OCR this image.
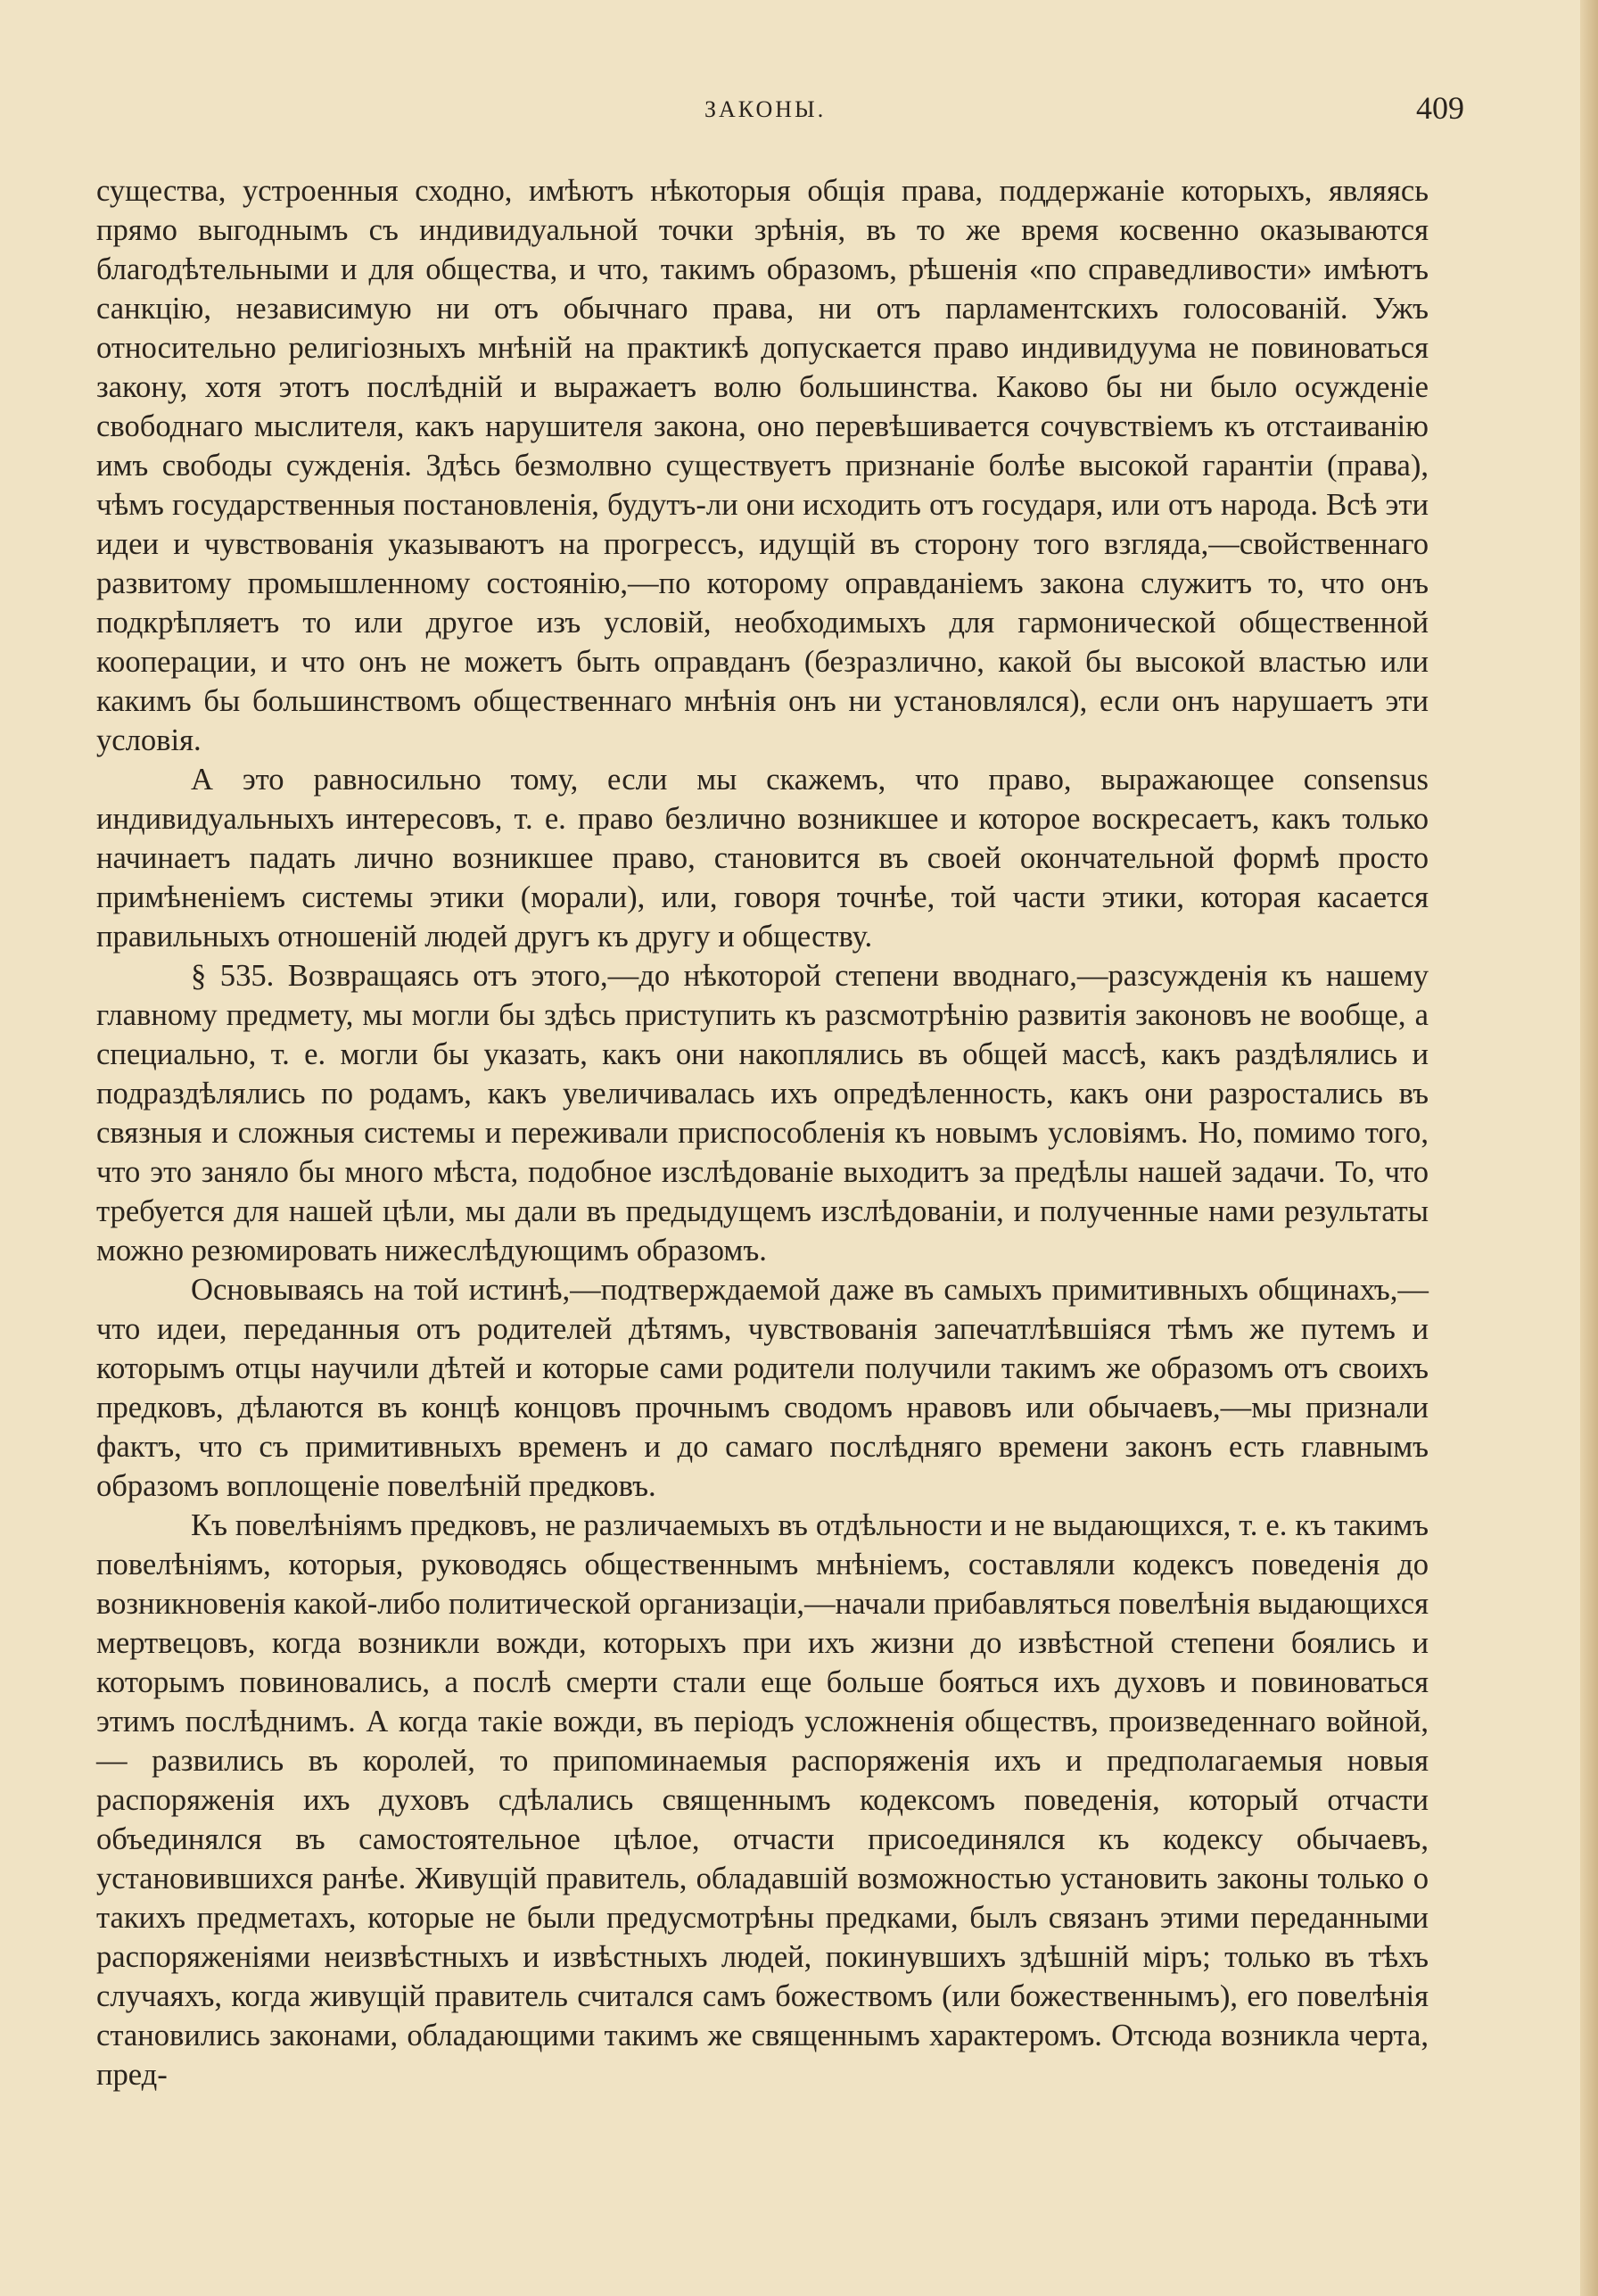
ЗАКОНЫ.	409

существа, устроенныя сходно, имѣютъ нѣкоторыя общія права, поддержаніе которыхъ, являясь прямо выгоднымъ съ индивидуальной точки зрѣнія, въ то же время косвенно оказываются благодѣтельными и для общества, и что, такимъ образомъ, рѣшенія «по справедливости» имѣютъ санкцію, независимую ни отъ обычнаго права, ни отъ парламентскихъ голосованій. Ужъ относительно религіозныхъ мнѣній на практикѣ допускается право индивидуума не повиноваться закону, хотя этотъ послѣдній и выражаетъ волю большинства. Каково бы ни было осужденіе свободнаго мыслителя, какъ нарушителя закона, оно перевѣшивается сочувствіемъ къ отстаиванію имъ свободы сужденія. Здѣсь безмолвно существуетъ признаніе болѣе высокой гарантіи (права), чѣмъ государственныя постановленія, будутъ-ли они исходить отъ государя, или отъ народа. Всѣ эти идеи и чувствованія указываютъ на прогрессъ, идущій въ сторону того взгляда,—свойственнаго развитому промышленному состоянію,—по которому оправданіемъ закона служитъ то, что онъ подкрѣпляетъ то или другое изъ условій, необходимыхъ для гармонической общественной кооперации, и что онъ не можетъ быть оправданъ (безразлично, какой бы высокой властью или какимъ бы большинствомъ общественнаго мнѣнія онъ ни установлялся), если онъ нарушаетъ эти условія.

А это равносильно тому, если мы скажемъ, что право, выражающее consensus индивидуальныхъ интересовъ, т. е. право безлично возникшее и которое воскресаетъ, какъ только начинаетъ падать лично возникшее право, становится въ своей окончательной формѣ просто примѣненіемъ системы этики (морали), или, говоря точнѣе, той части этики, которая касается правильныхъ отношеній людей другъ къ другу и обществу.

§ 535. Возвращаясь отъ этого,—до нѣкоторой степени вводнаго,—разсужденія къ нашему главному предмету, мы могли бы здѣсь приступить къ разсмотрѣнію развитія законовъ не вообще, а специально, т. е. могли бы указать, какъ они накоплялись въ общей массѣ, какъ раздѣлялись и подраздѣлялись по родамъ, какъ увеличивалась ихъ опредѣленность, какъ они разростались въ связныя и сложныя системы и переживали приспособленія къ новымъ условіямъ. Но, помимо того, что это заняло бы много мѣста, подобное изслѣдованіе выходитъ за предѣлы нашей задачи. То, что требуется для нашей цѣли, мы дали въ предыдущемъ изслѣдованіи, и полученные нами результаты можно резюмировать нижеслѣдующимъ образомъ.

Основываясь на той истинѣ,—подтверждаемой даже въ самыхъ примитивныхъ общинахъ,—что идеи, переданныя отъ родителей дѣтямъ, чувствованія запечатлѣвшіяся тѣмъ же путемъ и которымъ отцы научили дѣтей и которые сами родители получили такимъ же образомъ отъ своихъ предковъ, дѣлаются въ концѣ концовъ прочнымъ сводомъ нравовъ или обычаевъ,—мы признали фактъ, что съ примитивныхъ временъ и до самаго послѣдняго времени законъ есть главнымъ образомъ воплощеніе повелѣній предковъ.

Къ повелѣніямъ предковъ, не различаемыхъ въ отдѣльности и не выдающихся, т. е. къ такимъ повелѣніямъ, которыя, руководясь общественнымъ мнѣніемъ, составляли кодексъ поведенія до возникновенія какой-либо политической организаціи,—начали прибавляться повелѣнія выдающихся мертвецовъ, когда возникли вожди, которыхъ при ихъ жизни до извѣстной степени боялись и которымъ повиновались, а послѣ смерти стали еще больше бояться ихъ духовъ и повиноваться этимъ послѣднимъ. А когда такіе вожди, въ періодъ усложненія обществъ, произведеннаго войной, — развились въ королей, то припоминаемыя распоряженія ихъ и предполагаемыя новыя распоряженія ихъ духовъ сдѣлались священнымъ кодексомъ поведенія, который отчасти объединялся въ самостоятельное цѣлое, отчасти присоединялся къ кодексу обычаевъ, установившихся ранѣе. Живущій правитель, обладавшій возможностью установить законы только о такихъ предметахъ, которые не были предусмотрѣны предками, былъ связанъ этими переданными распоряженіями неизвѣстныхъ и извѣстныхъ людей, покинувшихъ здѣшній міръ; только въ тѣхъ случаяхъ, когда живущій правитель считался самъ божествомъ (или божественнымъ), его повелѣнія становились законами, обладающими такимъ же священнымъ характеромъ. Отсюда возникла черта, пред-
